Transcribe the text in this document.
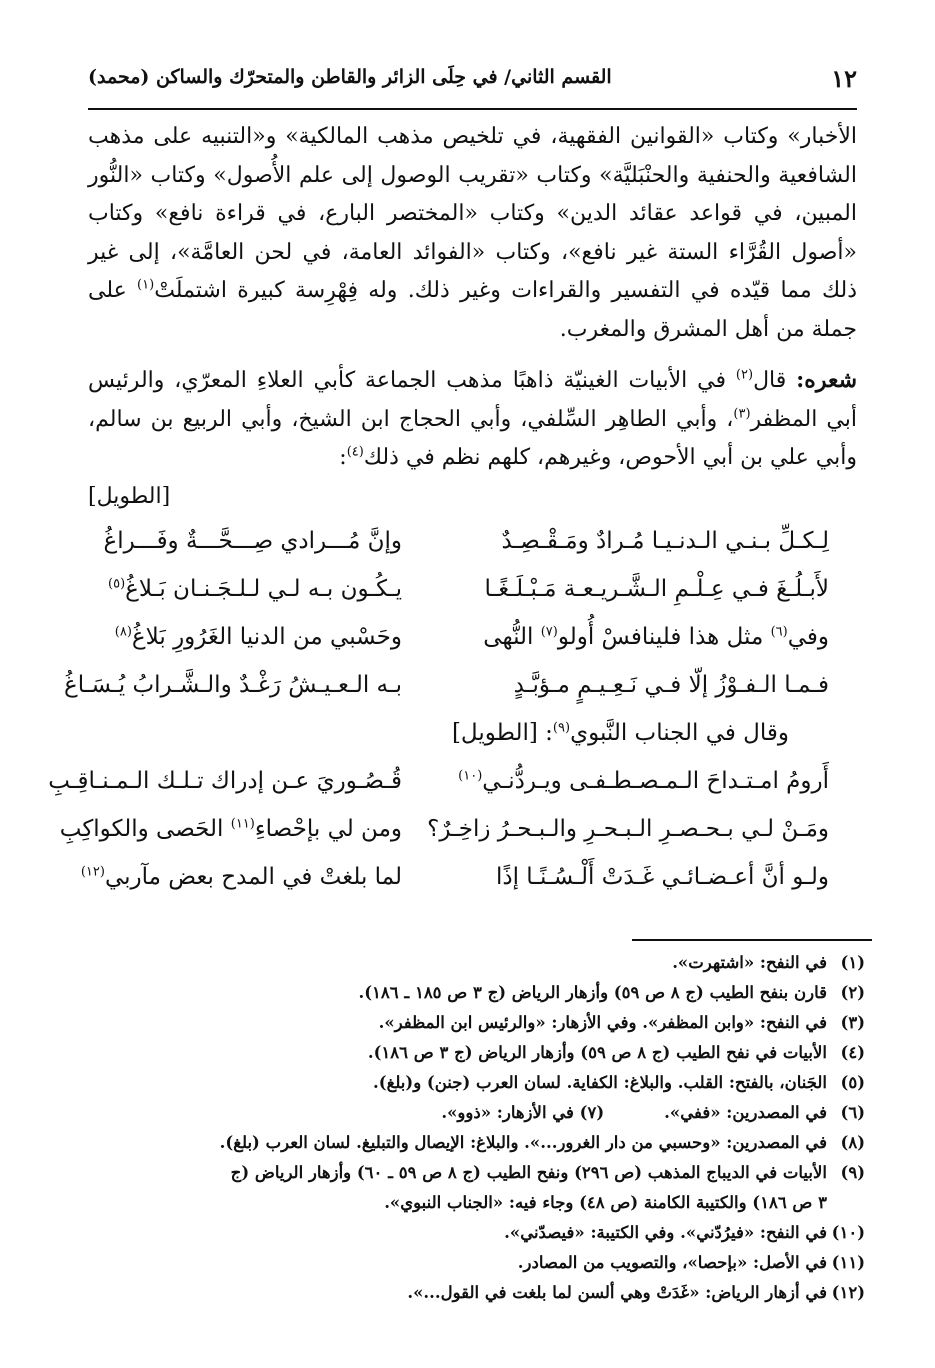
١٢
القسم الثاني/ في حِلَى الزائر والقاطن والمتحرّك والساكن (محمد)

الأخبار» وكتاب «القوانين الفقهية، في تلخيص مذهب المالكية» و«التنبيه على مذهب الشافعية والحنفية والحنْبَليَّة» وكتاب «تقريب الوصول إلى علم الأُصول» وكتاب «النُّور المبين، في قواعد عقائد الدين» وكتاب «المختصر البارع، في قراءة نافع» وكتاب «أصول القُرَّاء الستة غير نافع»، وكتاب «الفوائد العامة، في لحن العامَّة»، إلى غير ذلك مما قيّده في التفسير والقراءات وغير ذلك. وله فِهْرِسة كبيرة اشتملَتْ$^{(١)}$ على جملة من أهل المشرق والمغرب.

شعره: قال$^{(٢)}$ في الأبيات الغينيّة ذاهبًا مذهب الجماعة كأبي العلاءِ المعرّي، والرئيس أبي المظفر$^{(٣)}$، وأبي الطاهِر السِّلفي، وأبي الحجاج ابن الشيخ، وأبي الربيع بن سالم، وأبي علي بن أبي الأحوص، وغيرهم، كلهم نظم في ذلك$^{(٤)}$:

[الطويل]
لِـكـلِّ بـنـي الـدنـيـا مُـرادٌ ومَـقْـصِـدٌ
وإنَّ مُـــرادي صِـــحَّـــةٌ وفَـــراغُ
لأَبـلُـغَ فـي عِـلْـمِ الـشَّـريـعـة مَـبْـلَـغًـا
يـكُـون بـه لـي لـلـجَـنـان بَـلاغُ$^{(٥)}$
وفي$^{(٦)}$ مثل هذا فلينافسْ أُولو$^{(٧)}$ النُّهى
وحَسْبي من الدنيا الغَرُورِ بَلاغُ$^{(٨)}$
فـمـا الـفـوْزُ إلّا فـي نَـعِـيـمٍ مـؤبَّـدٍ
بـه الـعـيـشُ رَغْـدٌ والـشَّـرابُ يُـسَـاغُ
وقال في الجناب النَّبوي$^{(٩)}$: [الطويل]
أَرومُ امـتـداحَ الـمـصـطـفـى ويـردُّنـي$^{(١٠)}$
قُـصُـوريَ عـن إدراك تـلـك الـمـنـاقِـبِ
ومَـنْ لـي بـحـصـرِ الـبـحـرِ والـبـحـرُ زاخِـرٌ؟
ومن لي بإحْصاءِ$^{(١١)}$ الحَصى والكواكِبِ
ولـو أنَّ أعـضـائـي غَـدَتْ أَلْـسُـنًـا إذًا
لما بلغتْ في المدح بعض مآربي$^{(١٢)}$
(١)في النفح: «اشتهرت».
(٢)قارن بنفح الطيب (ج ٨ ص ٥٩) وأزهار الرياض (ج ٣ ص ١٨٥ ـ ١٨٦).
(٣)في النفح: «وابن المظفر». وفي الأزهار: «والرئيس ابن المظفر».
(٤)الأبيات في نفح الطيب (ج ٨ ص ٥٩) وأزهار الرياض (ج ٣ ص ١٨٦).
(٥)الجَنان، بالفتح: القلب. والبلاغ: الكفاية. لسان العرب (جنن) و(بلغ).
(٦)في المصدرين: «ففي».(٧) في الأزهار: «ذوو».
(٨)في المصدرين: «وحسبي من دار الغرور...». والبلاغ: الإيصال والتبليغ. لسان العرب (بلغ).
(٩)الأبيات في الديباج المذهب (ص ٢٩٦) ونفح الطيب (ج ٨ ص ٥٩ ـ ٦٠) وأزهار الرياض (ج
٣ ص ١٨٦) والكتيبة الكامنة (ص ٤٨) وجاء فيه: «الجناب النبوي».
(١٠)في النفح: «فيرُدّني». وفي الكتيبة: «فيصدّني».
(١١)في الأصل: «بإحصا»، والتصويب من المصادر.
(١٢)في أزهار الرياض: «غَدَتْ وهي ألسن لما بلغت في القول...».
